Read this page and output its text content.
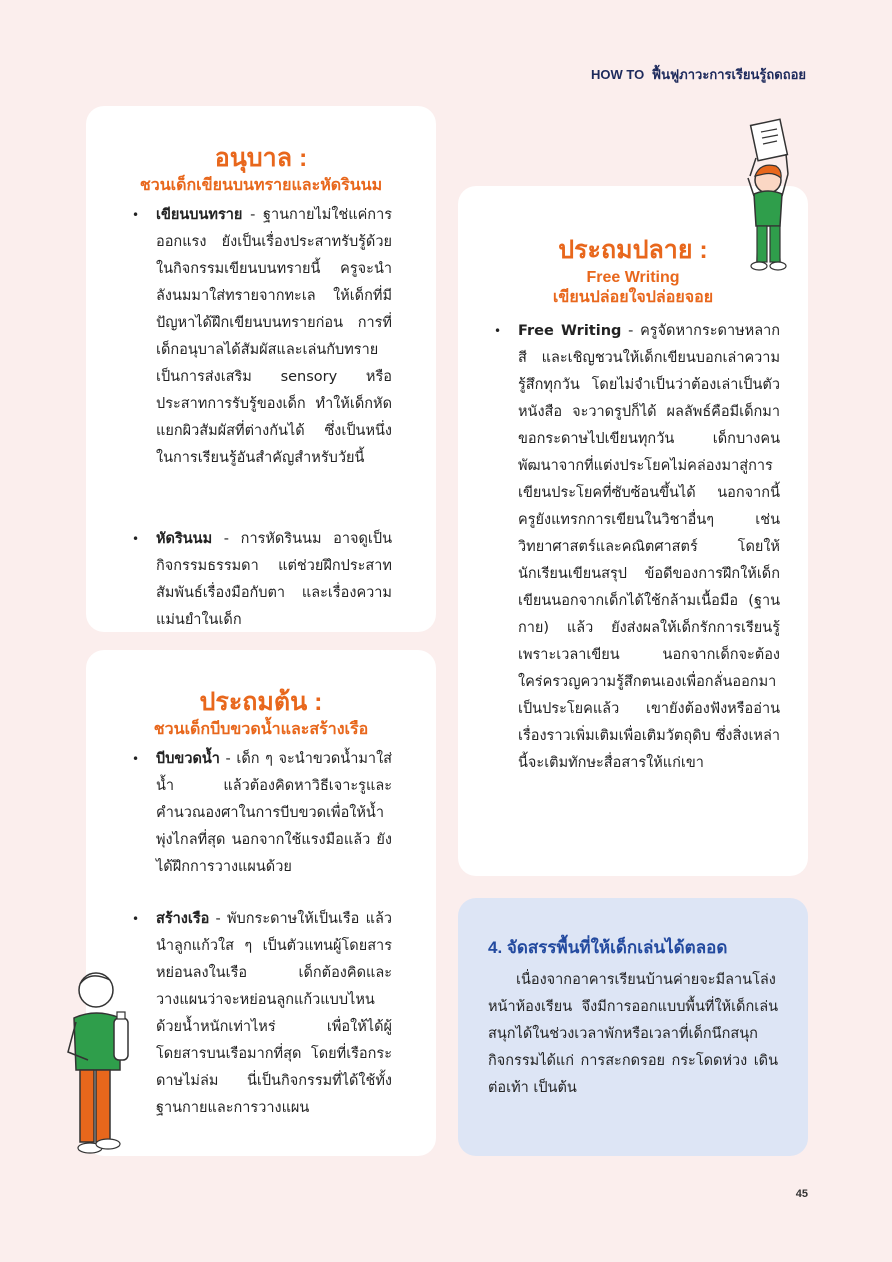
HOW TO ฟื้นฟูภาวะการเรียนรู้ถดถอย
อนุบาล :
ชวนเด็กเขียนบนทรายและหัดรินนม
• เขียนบนทราย - ฐานกายไม่ใช่แค่การออกแรง ยังเป็นเรื่องประสาทรับรู้ด้วย ในกิจกรรมเขียนบนทรายนี้ ครูจะนำลังนมมาใส่ทรายจากทะเล ให้เด็กที่มีปัญหาได้ฝึกเขียนบนทรายก่อน การที่เด็กอนุบาลได้สัมผัสและเล่นกับทราย เป็นการส่งเสริม sensory หรือประสาทการรับรู้ของเด็ก ทำให้เด็กหัดแยกผิวสัมผัสที่ต่างกันได้ ซึ่งเป็นหนึ่งในการเรียนรู้อันสำคัญสำหรับวัยนี้
• หัดรินนม - การหัดรินนม อาจดูเป็นกิจกรรมธรรมดา แต่ช่วยฝึกประสาทสัมพันธ์เรื่องมือกับตา และเรื่องความแม่นยำในเด็ก
ประถมต้น :
ชวนเด็กบีบขวดน้ำและสร้างเรือ
• บีบขวดน้ำ - เด็ก ๆ จะนำขวดน้ำมาใส่น้ำ แล้วต้องคิดหาวิธีเจาะรูและคำนวณองศาในการบีบขวดเพื่อให้น้ำพุ่งไกลที่สุด นอกจากใช้แรงมือแล้ว ยังได้ฝึกการวางแผนด้วย
• สร้างเรือ - พับกระดาษให้เป็นเรือ แล้วนำลูกแก้วใส ๆ เป็นตัวแทนผู้โดยสาร หย่อนลงในเรือ เด็กต้องคิดและวางแผนว่าจะหย่อนลูกแก้วแบบไหน ด้วยน้ำหนักเท่าไหร่ เพื่อให้ได้ผู้โดยสารบนเรือมากที่สุด โดยที่เรือกระดาษไม่ล่ม นี่เป็นกิจกรรมที่ได้ใช้ทั้งฐานกายและการวางแผน
ประถมปลาย :
Free Writing
เขียนปล่อยใจปล่อยจอย
• Free Writing - ครูจัดหากระดาษหลากสี และเชิญชวนให้เด็กเขียนบอกเล่าความรู้สึกทุกวัน โดยไม่จำเป็นว่าต้องเล่าเป็นตัวหนังสือ จะวาดรูปก็ได้ ผลลัพธ์คือมีเด็กมาขอกระดาษไปเขียนทุกวัน เด็กบางคนพัฒนาจากที่แต่งประโยคไม่คล่องมาสู่การเขียนประโยคที่ซับซ้อนขึ้นได้ นอกจากนี้ครูยังแทรกการเขียนในวิชาอื่นๆ เช่น วิทยาศาสตร์และคณิตศาสตร์ โดยให้นักเรียนเขียนสรุป ข้อดีของการฝึกให้เด็กเขียนนอกจากเด็กได้ใช้กล้ามเนื้อมือ (ฐานกาย) แล้ว ยังส่งผลให้เด็กรักการเรียนรู้ เพราะเวลาเขียน นอกจากเด็กจะต้องใคร่ครวญความรู้สึกตนเองเพื่อกลั่นออกมาเป็นประโยคแล้ว เขายังต้องฟังหรืออ่านเรื่องราวเพิ่มเติมเพื่อเติมวัตถุดิบ ซึ่งสิ่งเหล่านี้จะเติมทักษะสื่อสารให้แก่เขา
4. จัดสรรพื้นที่ให้เด็กเล่นได้ตลอด

เนื่องจากอาคารเรียนบ้านค่ายจะมีลานโล่งหน้าห้องเรียน จึงมีการออกแบบพื้นที่ให้เด็กเล่นสนุกได้ในช่วงเวลาพักหรือเวลาที่เด็กนึกสนุก กิจกรรมได้แก่ การสะกดรอย กระโดดห่วง เดินต่อเท้า เป็นต้น

45
